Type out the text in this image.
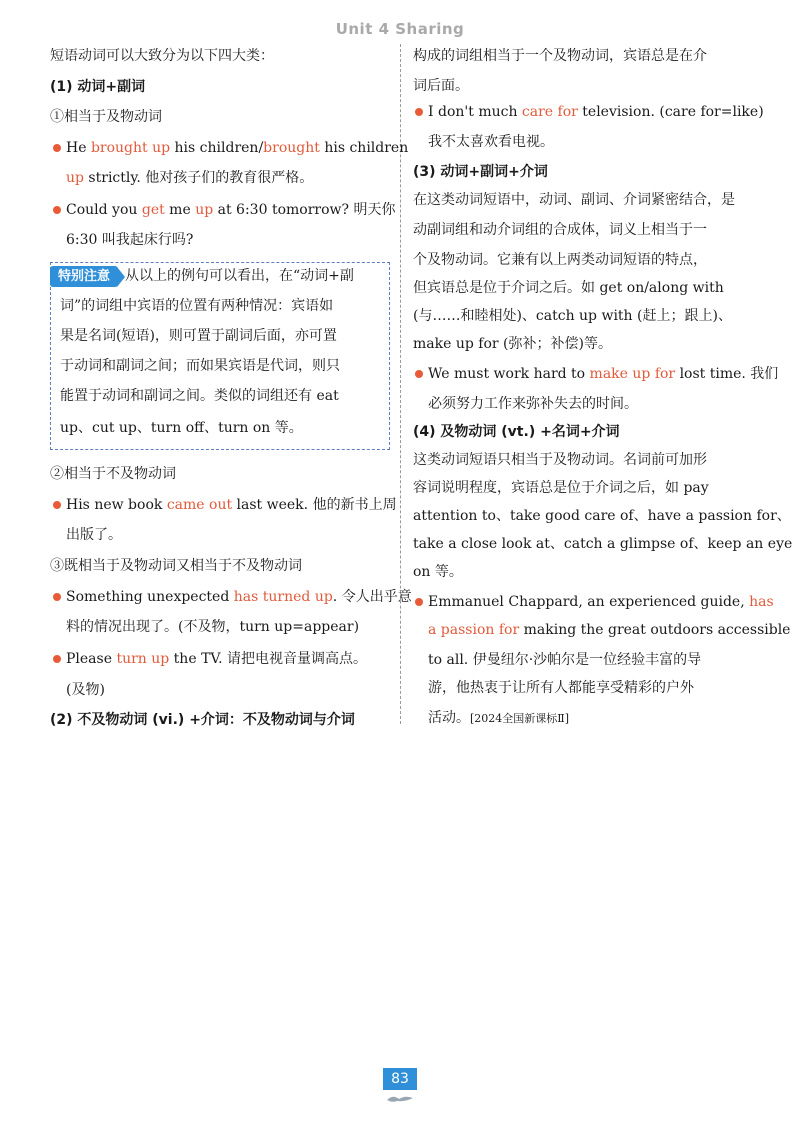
Unit 4 Sharing
短语动词可以大致分为以下四大类：
(1) 动词+副词
①相当于及物动词
He brought up his children/brought his children
up strictly. 他对孩子们的教育很严格。
Could you get me up at 6:30 tomorrow? 明天你
6:30 叫我起床行吗?
特别注意	从以上的例句可以看出，在“动词+副
词”的词组中宾语的位置有两种情况：宾语如
果是名词(短语)，则可置于副词后面，亦可置
于动词和副词之间；而如果宾语是代词，则只
能置于动词和副词之间。类似的词组还有 eat
up、cut up、turn off、turn on 等。
②相当于不及物动词
His new book came out last week. 他的新书上周
出版了。
③既相当于及物动词又相当于不及物动词
Something unexpected has turned up. 令人出乎意
料的情况出现了。(不及物，turn up=appear)
Please turn up the TV. 请把电视音量调高点。
(及物)
(2) 不及物动词 (vi.) +介词：不及物动词与介词
构成的词组相当于一个及物动词，宾语总是在介
词后面。
I don't much care for television. (care for=like)
我不太喜欢看电视。
(3) 动词+副词+介词
在这类动词短语中，动词、副词、介词紧密结合，是
动副词组和动介词组的合成体，词义上相当于一
个及物动词。它兼有以上两类动词短语的特点，
但宾语总是位于介词之后。如 get on/along with
(与……和睦相处)、catch up with (赶上；跟上)、
make up for (弥补；补偿)等。
We must work hard to make up for lost time. 我们
必须努力工作来弥补失去的时间。
(4) 及物动词 (vt.) +名词+介词
这类动词短语只相当于及物动词。名词前可加形
容词说明程度，宾语总是位于介词之后，如 pay
attention to、take good care of、have a passion for、
take a close look at、catch a glimpse of、keep an eye
on 等。
Emmanuel Chappard, an experienced guide, has
a passion for making the great outdoors accessible
to all. 伊曼纽尔·沙帕尔是一位经验丰富的导
游，他热衷于让所有人都能享受精彩的户外
活动。[2024全国新课标Ⅱ]
83
